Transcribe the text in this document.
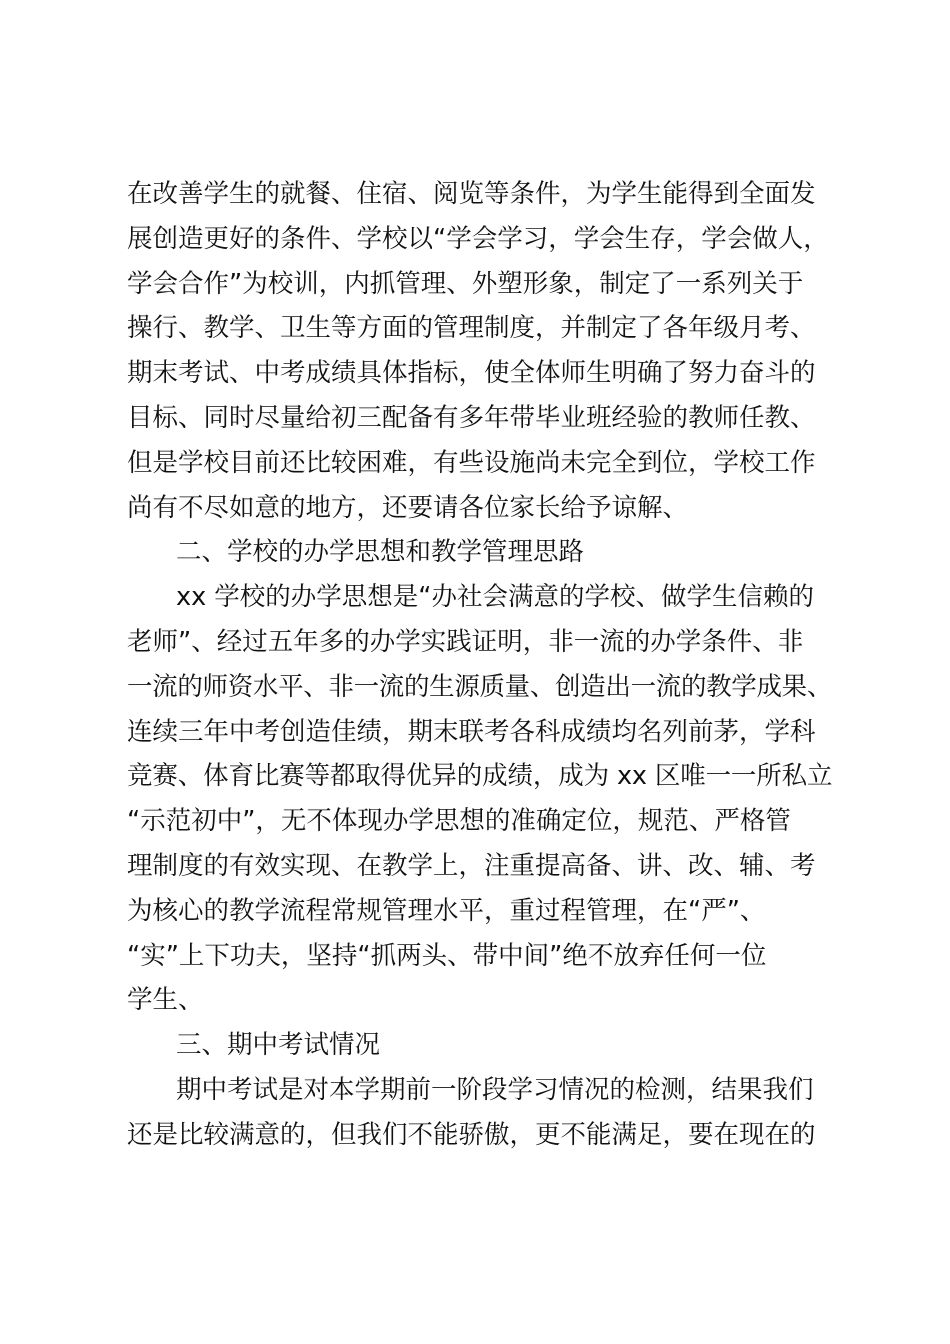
在改善学生的就餐、住宿、阅览等条件，为学生能得到全面发
展创造更好的条件、学校以“学会学习，学会生存，学会做人，
学会合作”为校训，内抓管理、外塑形象，制定了一系列关于
操行、教学、卫生等方面的管理制度，并制定了各年级月考、
期末考试、中考成绩具体指标，使全体师生明确了努力奋斗的
目标、同时尽量给初三配备有多年带毕业班经验的教师任教、
但是学校目前还比较困难，有些设施尚未完全到位，学校工作
尚有不尽如意的地方，还要请各位家长给予谅解、
二、学校的办学思想和教学管理思路
xx 学校的办学思想是“办社会满意的学校、做学生信赖的
老师”、经过五年多的办学实践证明，非一流的办学条件、非
一流的师资水平、非一流的生源质量、创造出一流的教学成果、
连续三年中考创造佳绩，期末联考各科成绩均名列前茅，学科
竞赛、体育比赛等都取得优异的成绩，成为 xx 区唯一一所私立
“示范初中”，无不体现办学思想的准确定位，规范、严格管
理制度的有效实现、在教学上，注重提高备、讲、改、辅、考
为核心的教学流程常规管理水平，重过程管理，在“严”、
“实”上下功夫，坚持“抓两头、带中间”绝不放弃任何一位
学生、
三、期中考试情况
期中考试是对本学期前一阶段学习情况的检测，结果我们
还是比较满意的，但我们不能骄傲，更不能满足，要在现在的
